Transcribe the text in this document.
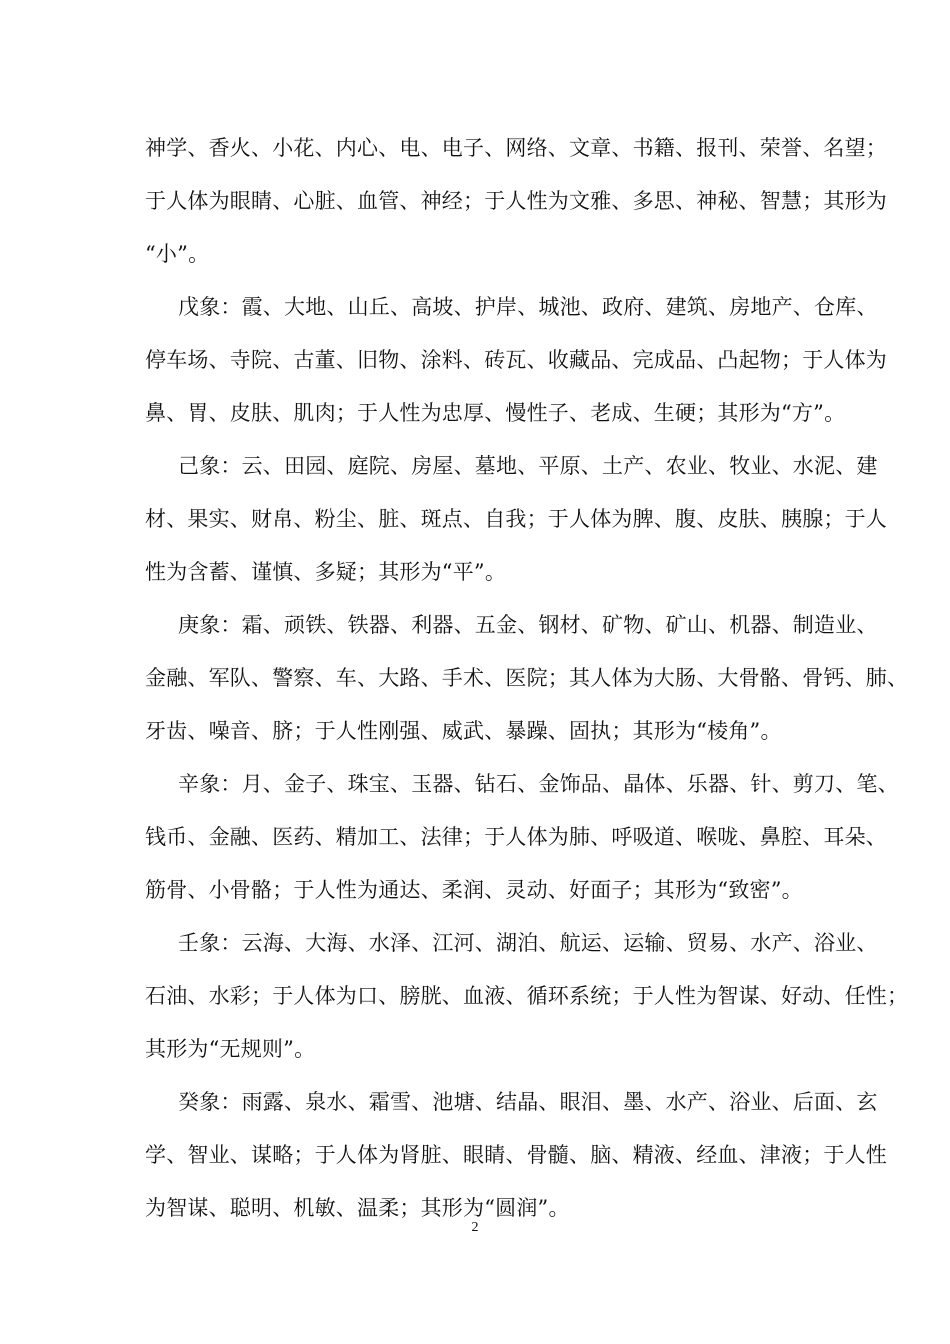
神学、香火、小花、内心、电、电子、网络、文章、书籍、报刊、荣誉、名望；
于人体为眼睛、心脏、血管、神经；于人性为文雅、多思、神秘、智慧；其形为
“小”。
戊象：霞、大地、山丘、高坡、护岸、城池、政府、建筑、房地产、仓库、
停车场、寺院、古董、旧物、涂料、砖瓦、收藏品、完成品、凸起物；于人体为
鼻、胃、皮肤、肌肉；于人性为忠厚、慢性子、老成、生硬；其形为“方”。
己象：云、田园、庭院、房屋、墓地、平原、土产、农业、牧业、水泥、建
材、果实、财帛、粉尘、脏、斑点、自我；于人体为脾、腹、皮肤、胰腺；于人
性为含蓄、谨慎、多疑；其形为“平”。
庚象：霜、顽铁、铁器、利器、五金、钢材、矿物、矿山、机器、制造业、
金融、军队、警察、车、大路、手术、医院；其人体为大肠、大骨骼、骨钙、肺、
牙齿、噪音、脐；于人性刚强、威武、暴躁、固执；其形为“棱角”。
辛象：月、金子、珠宝、玉器、钻石、金饰品、晶体、乐器、针、剪刀、笔、
钱币、金融、医药、精加工、法律；于人体为肺、呼吸道、喉咙、鼻腔、耳朵、
筋骨、小骨骼；于人性为通达、柔润、灵动、好面子；其形为“致密”。
壬象：云海、大海、水泽、江河、湖泊、航运、运输、贸易、水产、浴业、
石油、水彩；于人体为口、膀胱、血液、循环系统；于人性为智谋、好动、任性；
其形为“无规则”。
癸象：雨露、泉水、霜雪、池塘、结晶、眼泪、墨、水产、浴业、后面、玄
学、智业、谋略；于人体为肾脏、眼睛、骨髓、脑、精液、经血、津液；于人性
为智谋、聪明、机敏、温柔；其形为“圆润”。
2
